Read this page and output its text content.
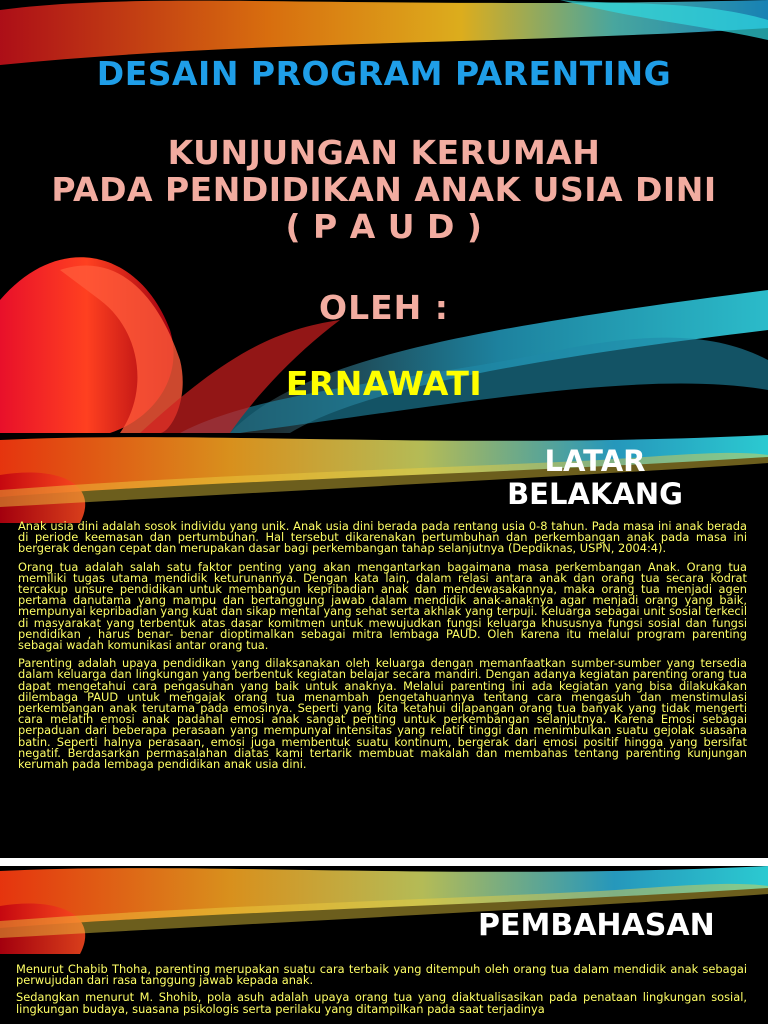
DESAIN PROGRAM PARENTING
KUNJUNGAN KERUMAH
PADA PENDIDIKAN ANAK USIA DINI
( P A U D )
OLEH :
ERNAWATI
LATAR
BELAKANG

Anak usia dini adalah sosok individu yang unik. Anak usia dini berada pada rentang usia 0-8 tahun. Pada masa ini anak berada di periode keemasan dan pertumbuhan. Hal tersebut dikarenakan pertumbuhan dan perkembangan anak pada masa ini bergerak dengan cepat dan merupakan dasar bagi perkembangan tahap selanjutnya (Depdiknas, USPN, 2004:4).

Orang tua adalah salah satu faktor penting yang akan mengantarkan bagaimana masa perkembangan Anak. Orang tua memiliki tugas utama mendidik keturunannya. Dengan kata lain, dalam relasi antara anak dan orang tua secara kodrat tercakup unsure pendidikan untuk membangun kepribadian anak dan mendewasakannya, maka orang tua menjadi agen pertama danutama yang mampu dan bertanggung jawab dalam mendidik anak-anaknya agar menjadi orang yang baik, mempunyai kepribadian yang kuat dan sikap mental yang sehat serta akhlak yang terpuji. Keluarga sebagai unit sosial terkecil di masyarakat yang terbentuk atas dasar komitmen untuk mewujudkan fungsi keluarga khususnya fungsi sosial dan fungsi pendidikan , harus benar- benar dioptimalkan sebagai mitra lembaga PAUD. Oleh karena itu melalui program parenting sebagai wadah komunikasi antar orang tua.

Parenting adalah upaya pendidikan yang dilaksanakan oleh keluarga dengan memanfaatkan sumber-sumber yang tersedia dalam keluarga dan lingkungan yang berbentuk kegiatan belajar secara mandiri. Dengan adanya kegiatan parenting orang tua dapat mengetahui cara pengasuhan yang baik untuk anaknya. Melalui parenting ini ada kegiatan yang bisa dilakukakan dilembaga PAUD untuk mengajak orang tua menambah pengetahuannya tentang cara mengasuh dan menstimulasi perkembangan anak terutama pada emosinya. Seperti yang kita ketahui dilapangan orang tua banyak yang tidak mengerti cara melatih emosi anak padahal emosi anak sangat penting untuk perkembangan selanjutnya. Karena Emosi sebagai perpaduan dari beberapa perasaan yang mempunyai intensitas yang relatif tinggi dan menimbulkan suatu gejolak suasana batin. Seperti halnya perasaan, emosi juga membentuk suatu kontinum, bergerak dari emosi positif hingga yang bersifat negatif. Berdasarkan permasalahan diatas kami tertarik membuat makalah dan membahas tentang parenting kunjungan kerumah pada lembaga pendidikan anak usia dini.

PEMBAHASAN

Menurut Chabib Thoha, parenting merupakan suatu cara terbaik yang ditempuh oleh orang tua dalam mendidik anak sebagai perwujudan dari rasa tanggung jawab kepada anak.

Sedangkan menurut M. Shohib, pola asuh adalah upaya orang tua yang diaktualisasikan pada penataan lingkungan sosial, lingkungan budaya, suasana psikologis serta perilaku yang ditampilkan pada saat terjadinya
